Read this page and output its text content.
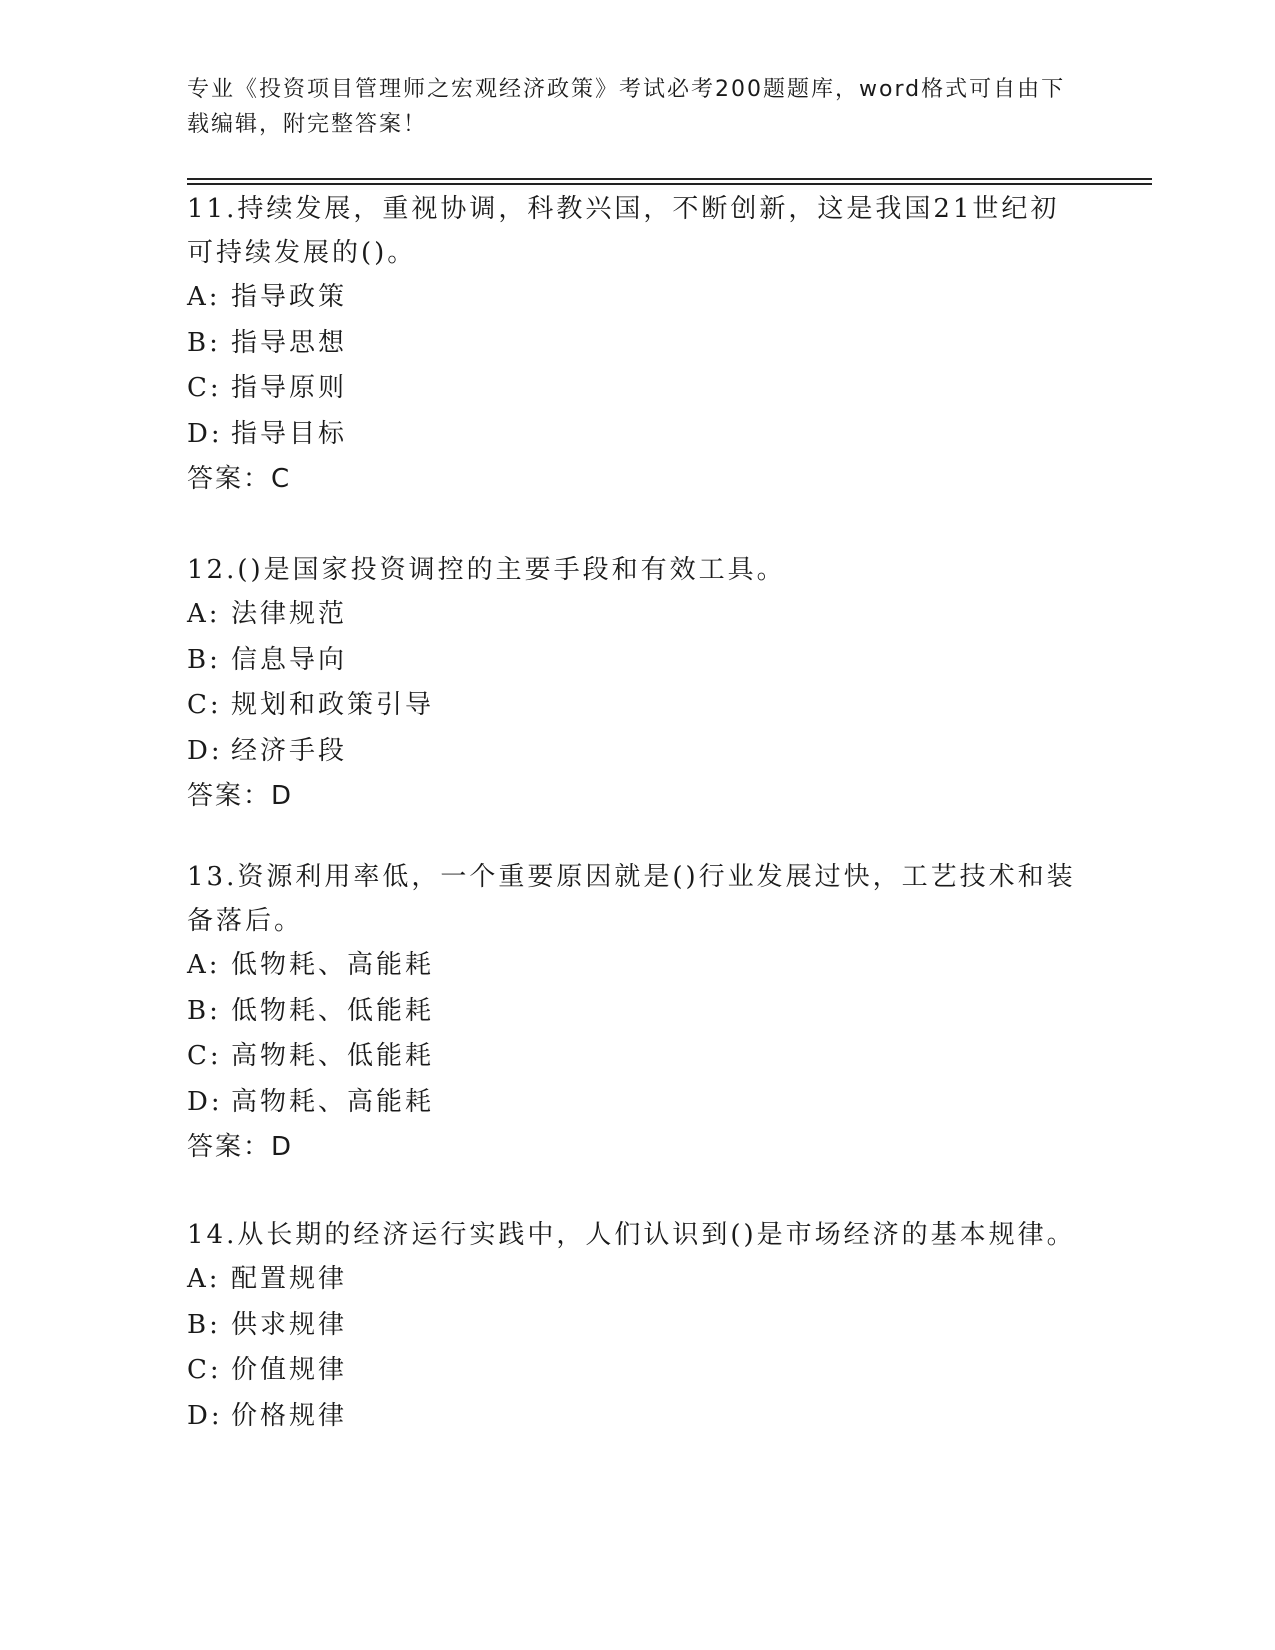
专业《投资项目管理师之宏观经济政策》考试必考200题题库，word格式可自由下载编辑，附完整答案！
11.持续发展，重视协调，科教兴国，不断创新，这是我国21世纪初可持续发展的()。
A: 指导政策
B: 指导思想
C: 指导原则
D: 指导目标
答案：C
12.()是国家投资调控的主要手段和有效工具。
A: 法律规范
B: 信息导向
C: 规划和政策引导
D: 经济手段
答案：D
13.资源利用率低，一个重要原因就是()行业发展过快，工艺技术和装备落后。
A: 低物耗、高能耗
B: 低物耗、低能耗
C: 高物耗、低能耗
D: 高物耗、高能耗
答案：D
14.从长期的经济运行实践中，人们认识到()是市场经济的基本规律。
A: 配置规律
B: 供求规律
C: 价值规律
D: 价格规律
